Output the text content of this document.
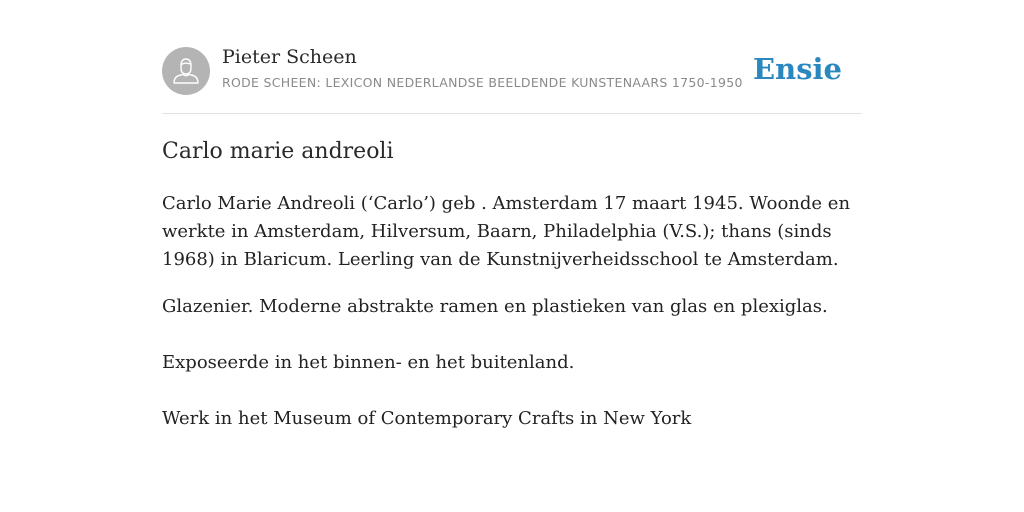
Pieter Scheen
RODE SCHEEN: LEXICON NEDERLANDSE BEELDENDE KUNSTENAARS 1750-1950 Ensie
Carlo marie andreoli

Carlo Marie Andreoli (‘Carlo’) geb . Amsterdam 17 maart 1945. Woonde en werkte in Amsterdam, Hilversum, Baarn, Philadelphia (V.S.); thans (sinds 1968) in Blaricum. Leerling van de Kunstnijverheidsschool te Amsterdam.

Glazenier. Moderne abstrakte ramen en plastieken van glas en plexiglas.

Exposeerde in het binnen- en het buitenland.

Werk in het Museum of Contemporary Crafts in New York
